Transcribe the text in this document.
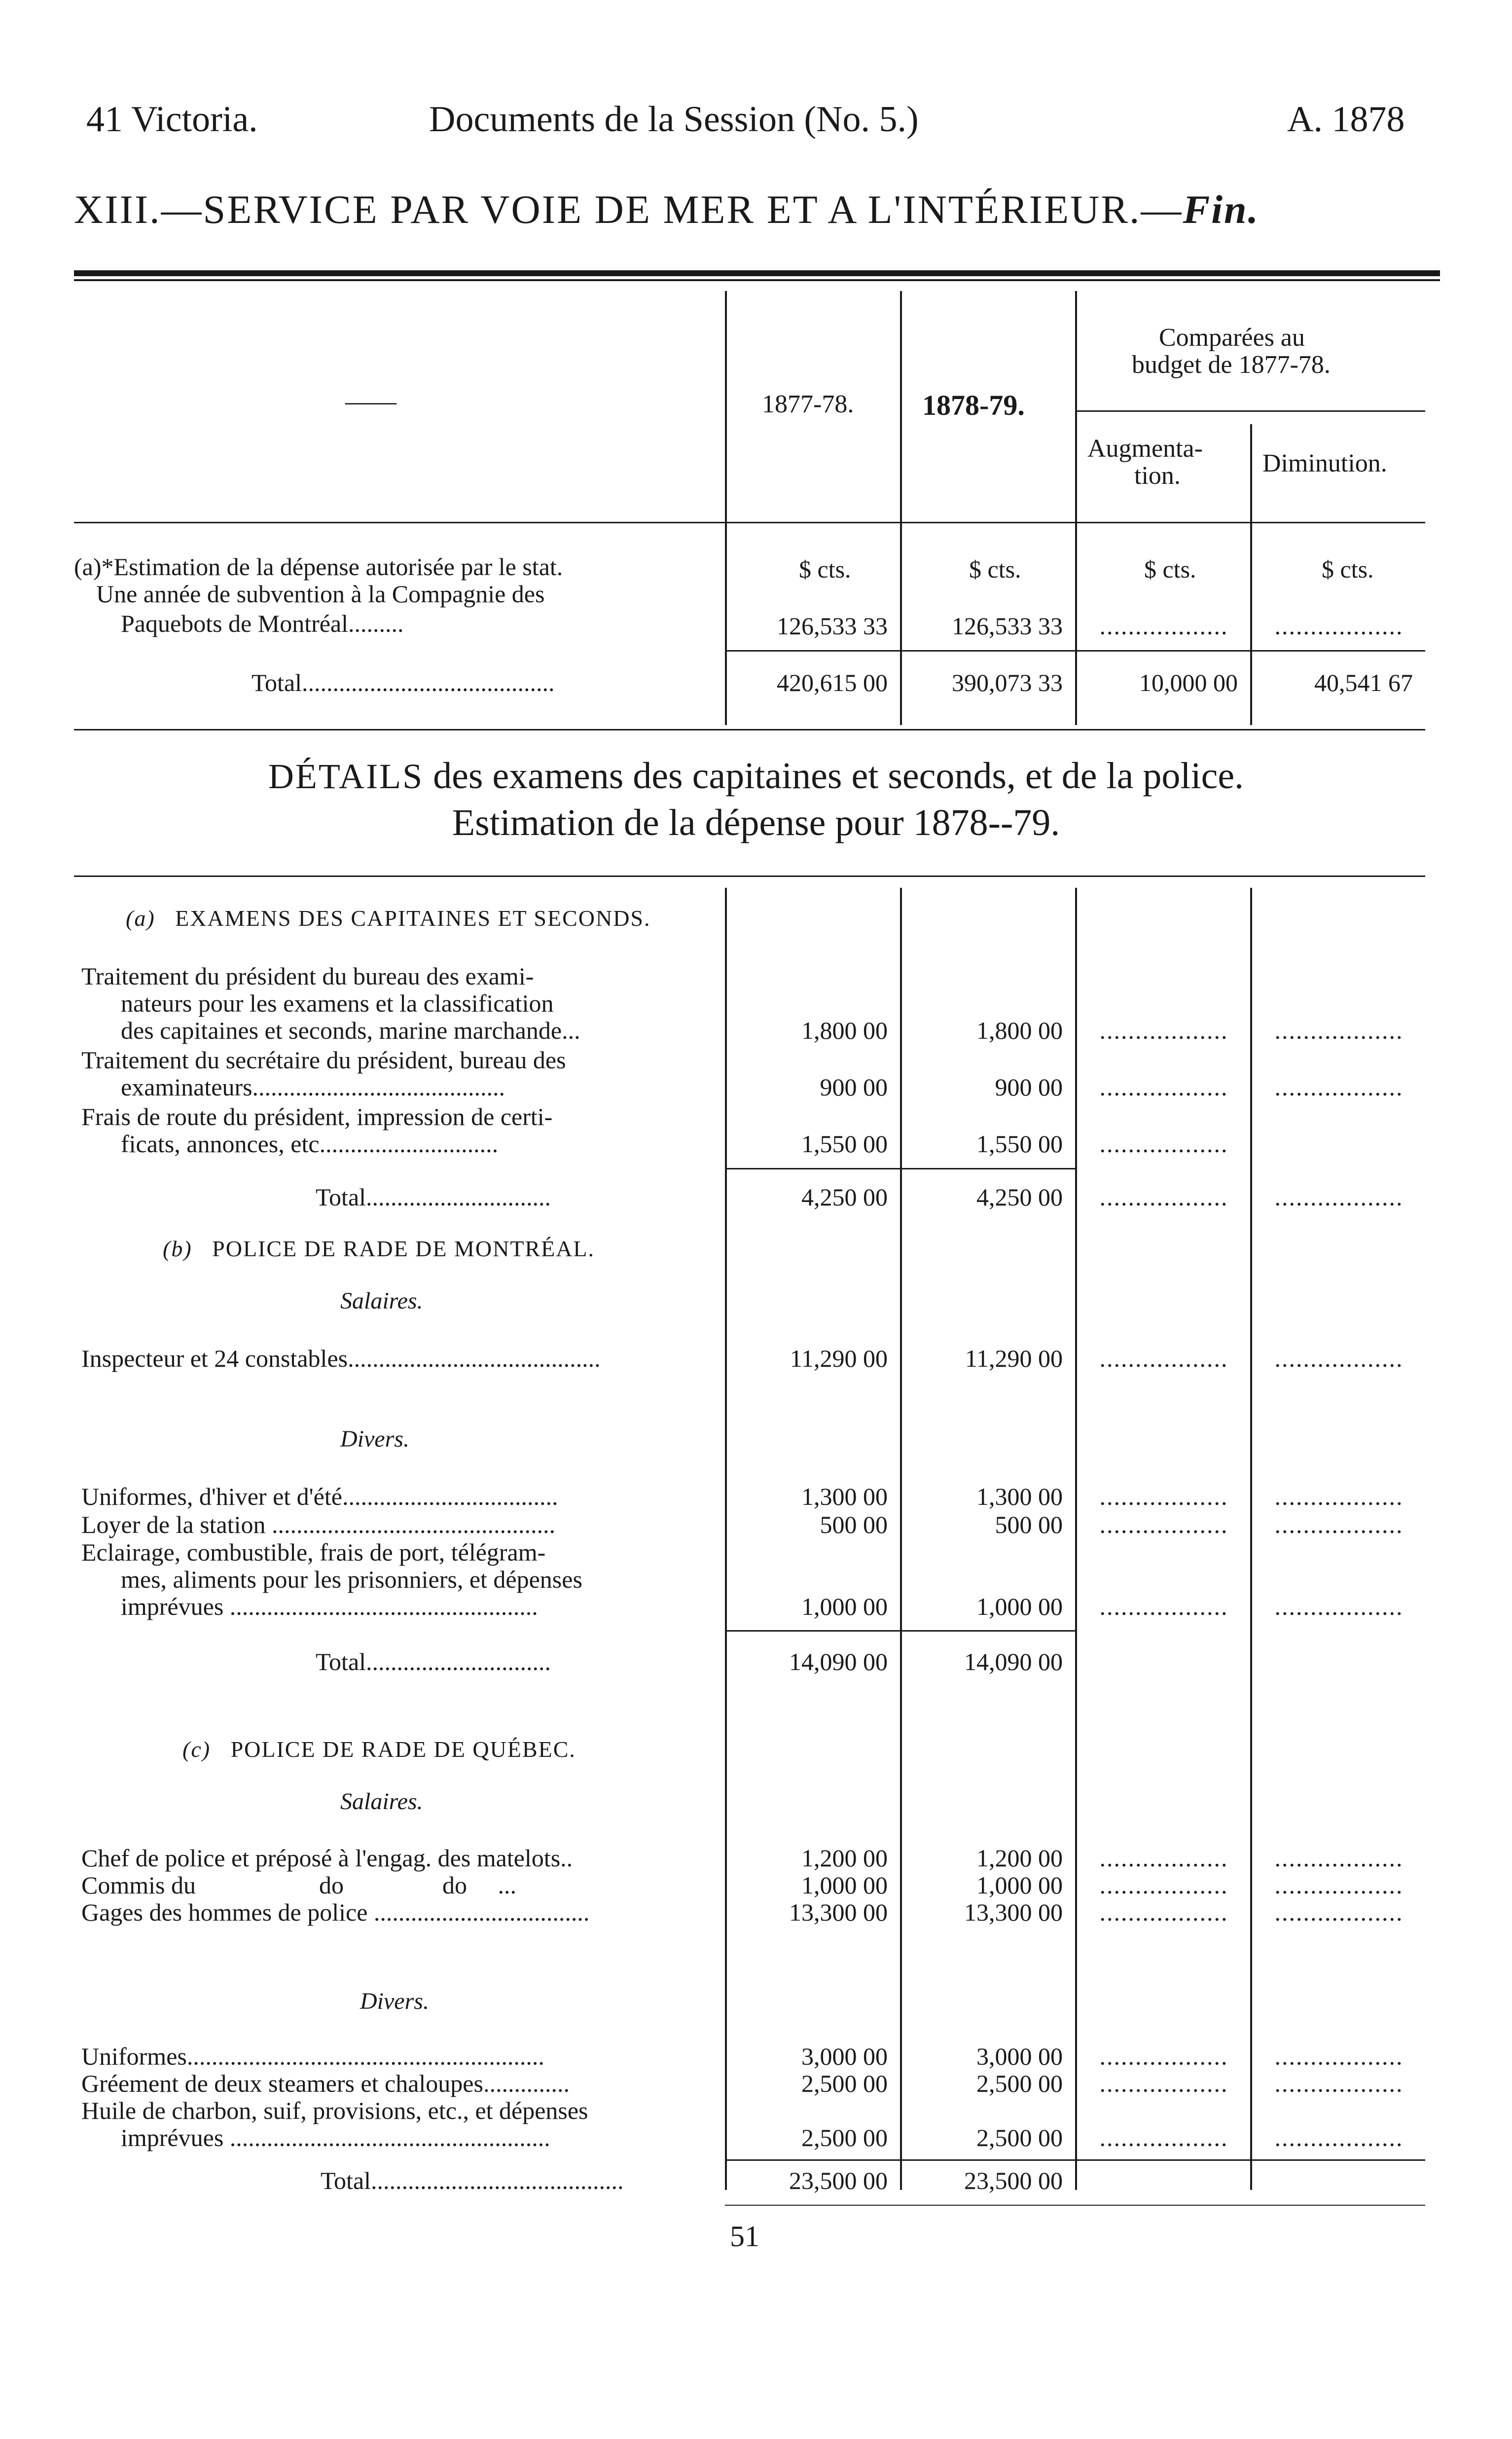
41 Victoria.	Documents de la Session (No. 5.)	A. 1878
XIII.—SERVICE PAR VOIE DE MER ET A L'INTÉRIEUR.—Fin.
——	1877-78. 1878-79.
Comparées au
budget de 1877-78.
Augmenta-
tion.	Diminution.
$ cts.	$ cts.	$ cts.	$ cts.
(a)*Estimation de la dépense autorisée par le stat.
Une année de subvention à la Compagnie des
Paquebots de Montréal.........	126,533 33	126,533 33	..................	..................
Total.........................................	420,615 00	390,073 33	10,000 00	40,541 67
DÉTAILS des examens des capitaines et seconds, et de la police.
Estimation de la dépense pour 1878--79.
(a) EXAMENS DES CAPITAINES ET SECONDS.
Traitement du président du bureau des exami-
nateurs pour les examens et la classification
des capitaines et seconds, marine marchande...	1,800 00	1,800 00	..................	..................
Traitement du secrétaire du président, bureau des
examinateurs.........................................	900 00	900 00	..................	..................
Frais de route du président, impression de certi-
ficats, annonces, etc.............................	1,550 00	1,550 00	..................
Total..............................	4,250 00	4,250 00	..................	..................
(b) POLICE DE RADE DE MONTRÉAL.
Salaires.
Inspecteur et 24 constables.........................................	11,290 00	11,290 00	..................	..................
Divers.
Uniformes, d'hiver et d'été...................................	1,300 00	1,300 00	..................	..................
Loyer de la station ..............................................	500 00	500 00	..................	..................
Eclairage, combustible, frais de port, télégram-
mes, aliments pour les prisonniers, et dépenses
imprévues ..................................................	1,000 00	1,000 00	..................	..................
Total..............................	14,090 00	14,090 00
(c) POLICE DE RADE DE QUÉBEC.
Salaires.
Chef de police et préposé à l'engag. des matelots..	1,200 00	1,200 00	..................	..................
Commis du                    do                do     ...	1,000 00	1,000 00	..................	..................
Gages des hommes de police ...................................	13,300 00	13,300 00	..................	..................
Divers.
Uniformes..........................................................	3,000 00	3,000 00	..................	..................
Gréement de deux steamers et chaloupes..............	2,500 00	2,500 00	..................	..................
Huile de charbon, suif, provisions, etc., et dépenses
imprévues ....................................................	2,500 00	2,500 00	..................	..................
Total.........................................	23,500 00	23,500 00
51
